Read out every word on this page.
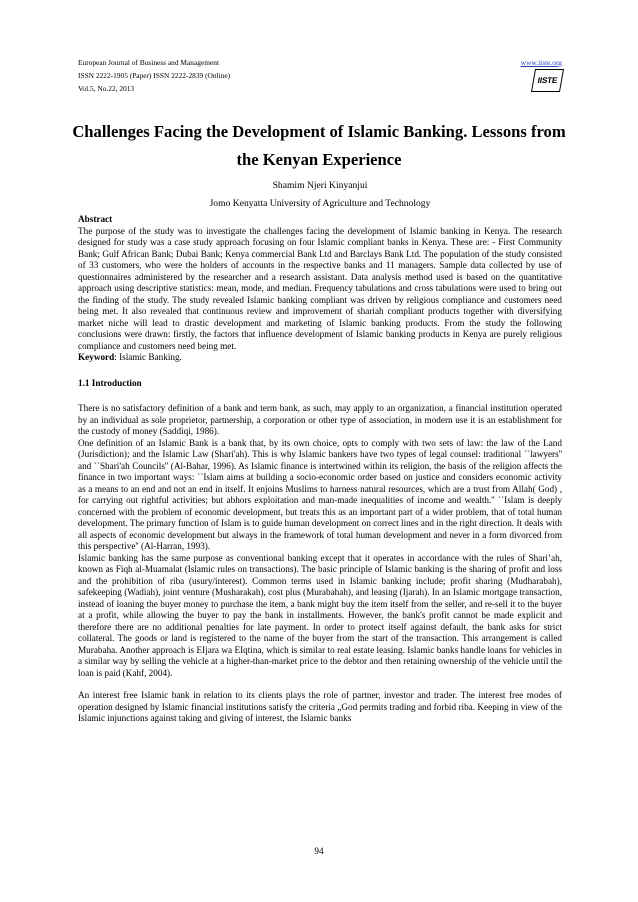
European Journal of Business and Management
ISSN 2222-1905 (Paper) ISSN 2222-2839 (Online)
Vol.5, No.22, 2013
www.iiste.org
IISTE
Challenges Facing the Development of Islamic Banking. Lessons from the Kenyan Experience
Shamim Njeri Kinyanjui
Jomo Kenyatta University of Agriculture and Technology

Abstract

The purpose of the study was to investigate the challenges facing the development of Islamic banking in Kenya. The research designed for study was a case study approach focusing on four Islamic compliant banks in Kenya. These are: - First Community Bank; Gulf African Bank; Dubai Bank; Kenya commercial Bank Ltd and Barclays Bank Ltd. The population of the study consisted of 33 customers, who were the holders of accounts in the respective banks and 11 managers. Sample data collected by use of questionnaires administered by the researcher and a research assistant. Data analysis method used is based on the quantitative approach using descriptive statistics: mean, mode, and median. Frequency tabulations and cross tabulations were used to bring out the finding of the study. The study revealed Islamic banking compliant was driven by religious compliance and customers need being met. It also revealed that continuous review and improvement of shariah compliant products together with diversifying market niche will lead to drastic development and marketing of Islamic banking products. From the study the following conclusions were drawn: firstly, the factors that influence development of Islamic banking products in Kenya are purely religious compliance and customers need being met.

Keyword: Islamic Banking.

1.1 Introduction

There is no satisfactory definition of a bank and term bank, as such, may apply to an organization, a financial institution operated by an individual as sole proprietor, partnership, a corporation or other type of association, in modern use it is an establishment for the custody of money (Saddiqi, 1986).

One definition of an Islamic Bank is a bank that, by its own choice, opts to comply with two sets of law: the law of the Land (Jurisdiction); and the Islamic Law (Shari'ah). This is why Islamic bankers have two types of legal counsel: traditional ``lawyers'' and ``Shari'ah Councils'' (Al-Bahar, 1996). As Islamic finance is intertwined within its religion, the basis of the religion affects the finance in two important ways: ``Islam aims at building a socio-economic order based on justice and considers economic activity as a means to an end and not an end in itself. It enjoins Muslims to harness natural resources, which are a trust from Allah( God) , for carrying out rightful activities; but abhors exploitation and man-made inequalities of income and wealth.'' ``Islam is deeply concerned with the problem of economic development, but treats this as an important part of a wider problem, that of total human development. The primary function of Islam is to guide human development on correct lines and in the right direction. It deals with all aspects of economic development but always in the framework of total human development and never in a form divorced from this perspective'' (Al-Harran, 1993).

Islamic banking has the same purpose as conventional banking except that it operates in accordance with the rules of Shari’ah, known as Fiqh al-Muamalat (Islamic rules on transactions). The basic principle of Islamic banking is the sharing of profit and loss and the prohibition of riba (usury/interest). Common terms used in Islamic banking include; profit sharing (Mudharabah), safekeeping (Wadiah), joint venture (Musharakah), cost plus (Murabahah), and leasing (Ijarah). In an Islamic mortgage transaction, instead of loaning the buyer money to purchase the item, a bank might buy the item itself from the seller, and re-sell it to the buyer at a profit, while allowing the buyer to pay the bank in installments. However, the bank's profit cannot be made explicit and therefore there are no additional penalties for late payment. In order to protect itself against default, the bank asks for strict collateral. The goods or land is registered to the name of the buyer from the start of the transaction. This arrangement is called Murabaha. Another approach is EIjara wa EIqtina, which is similar to real estate leasing. Islamic banks handle loans for vehicles in a similar way by selling the vehicle at a higher-than-market price to the debtor and then retaining ownership of the vehicle until the loan is paid (Kahf, 2004).

An interest free Islamic bank in relation to its clients plays the role of partner, investor and trader. The interest free modes of operation designed by Islamic financial institutions satisfy the criteria „God permits trading and forbid riba. Keeping in view of the Islamic injunctions against taking and giving of interest, the Islamic banks

94
